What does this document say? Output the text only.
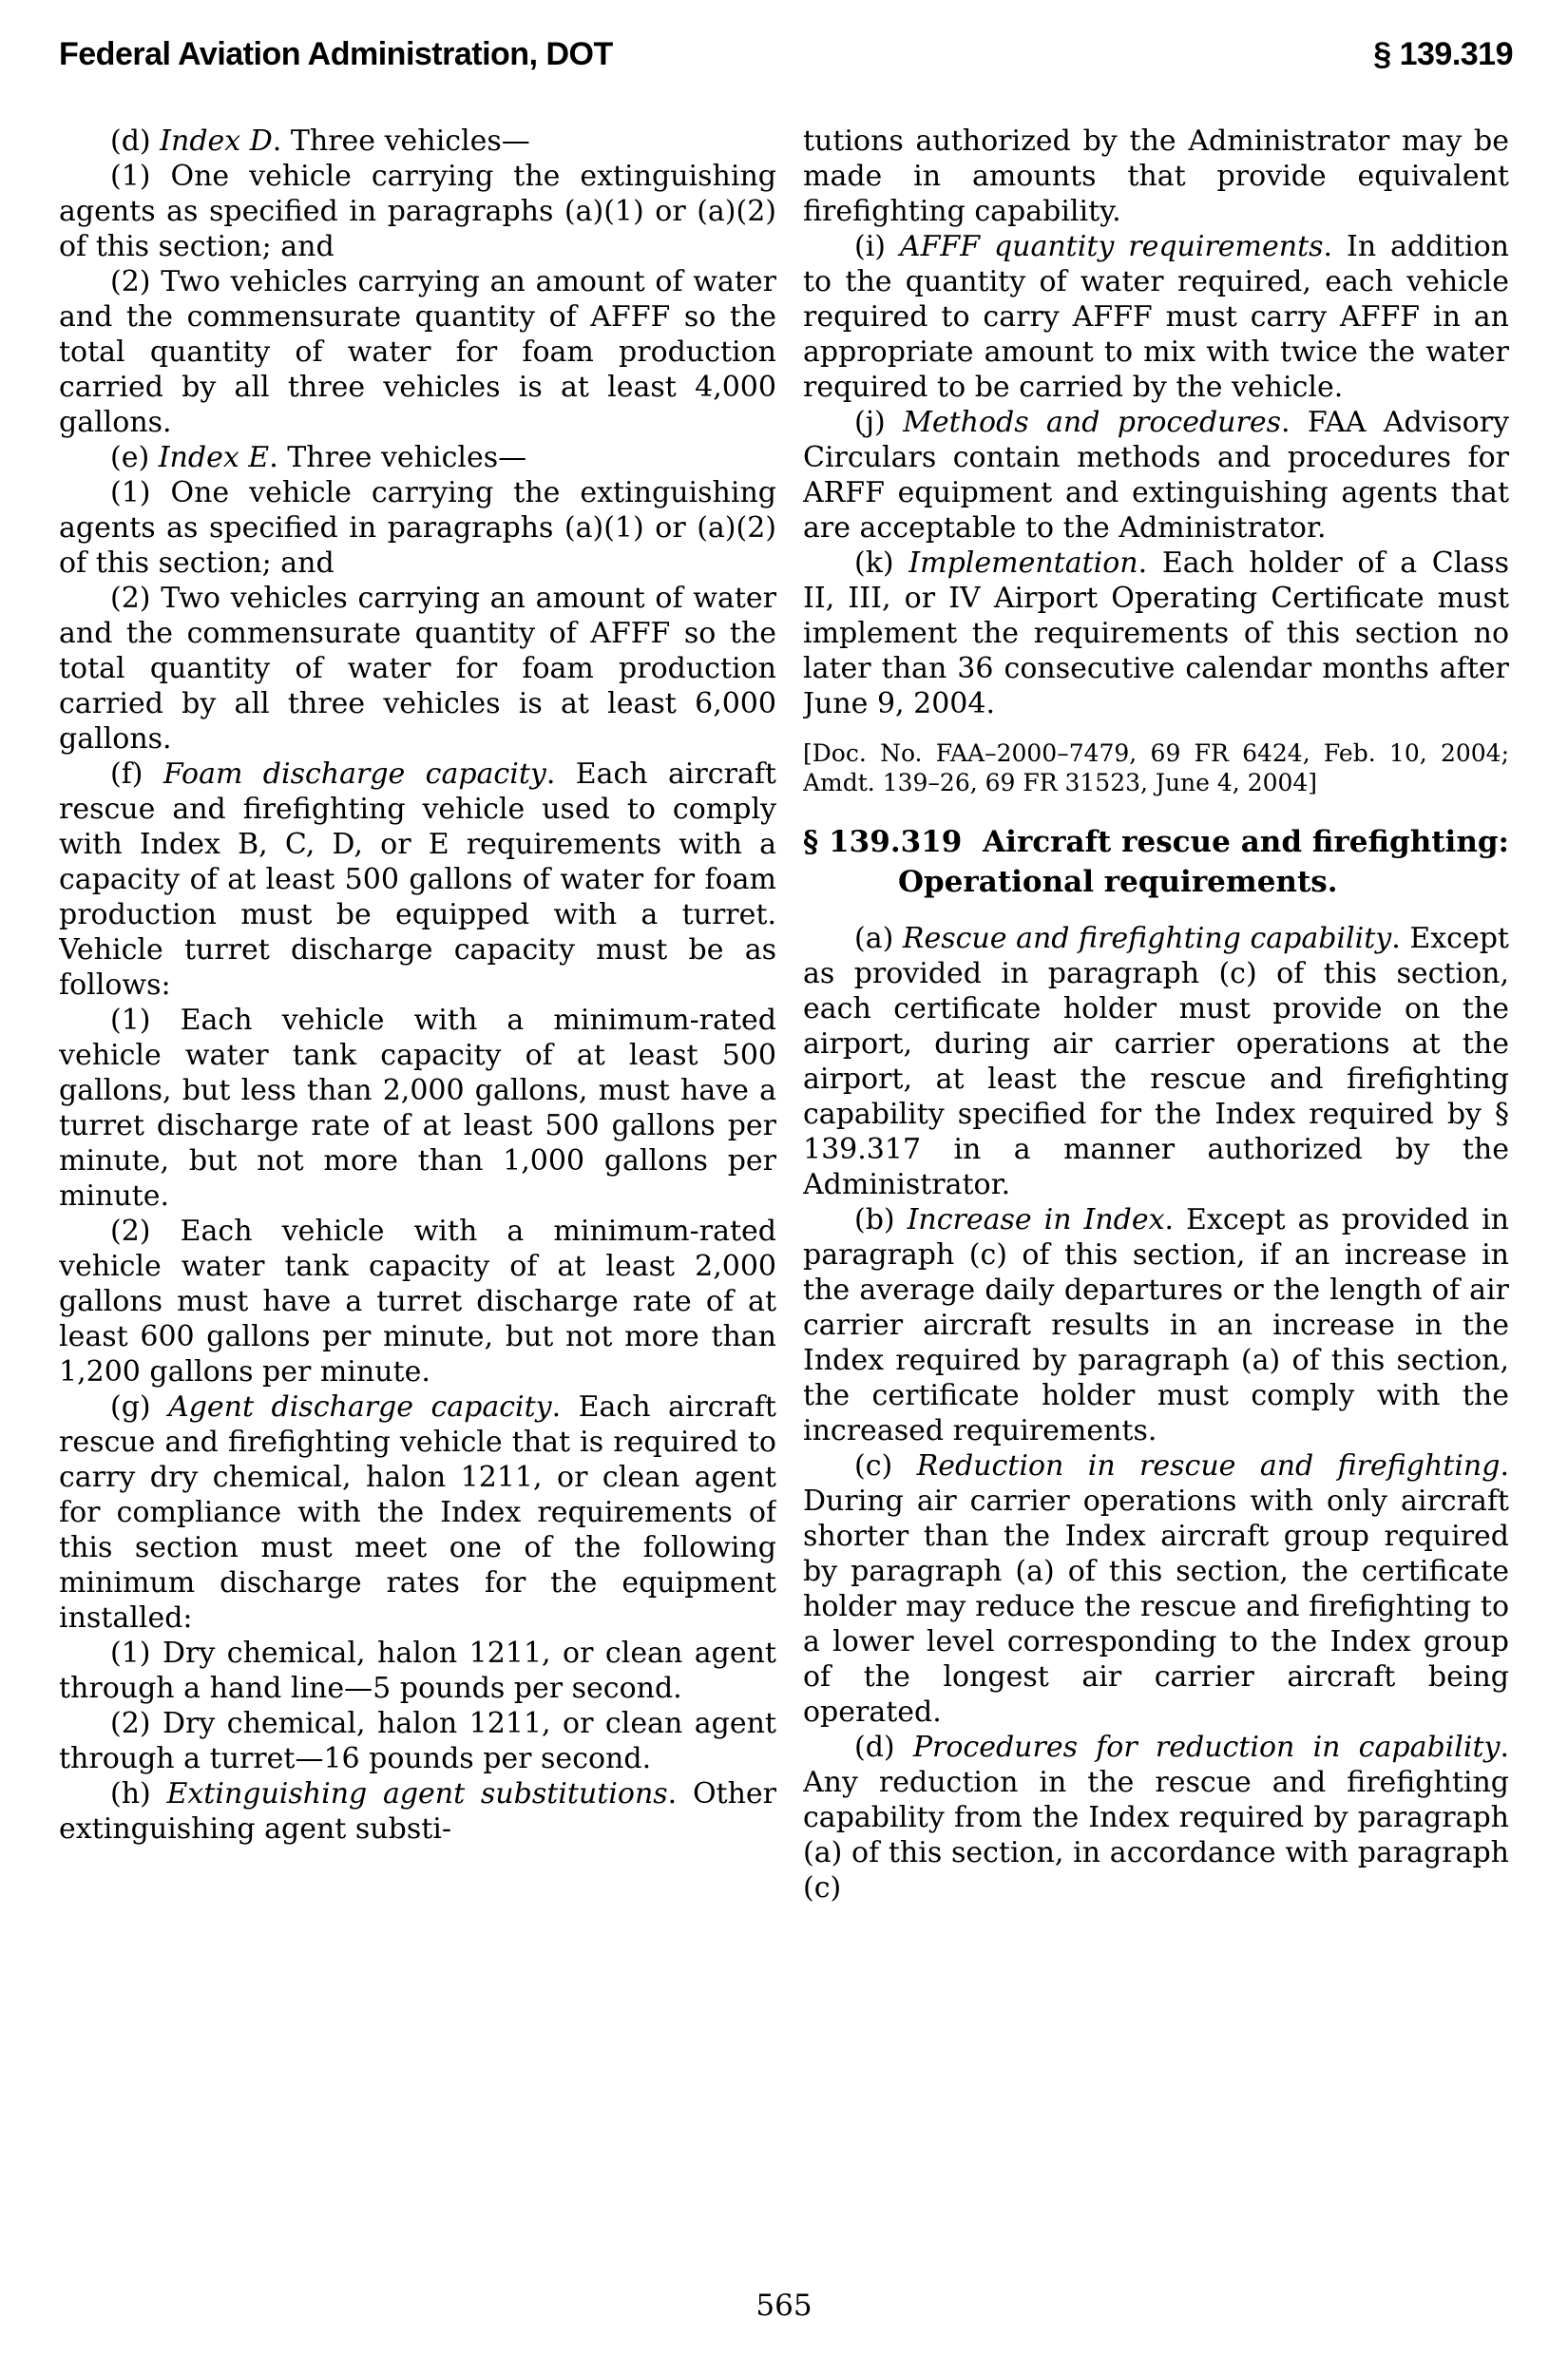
Federal Aviation Administration, DOT	§ 139.319

(d) Index D. Three vehicles—

(1) One vehicle carrying the extinguishing agents as specified in paragraphs (a)(1) or (a)(2) of this section; and

(2) Two vehicles carrying an amount of water and the commensurate quantity of AFFF so the total quantity of water for foam production carried by all three vehicles is at least 4,000 gallons.

(e) Index E. Three vehicles—

(1) One vehicle carrying the extinguishing agents as specified in paragraphs (a)(1) or (a)(2) of this section; and

(2) Two vehicles carrying an amount of water and the commensurate quantity of AFFF so the total quantity of water for foam production carried by all three vehicles is at least 6,000 gallons.

(f) Foam discharge capacity. Each aircraft rescue and firefighting vehicle used to comply with Index B, C, D, or E requirements with a capacity of at least 500 gallons of water for foam production must be equipped with a turret. Vehicle turret discharge capacity must be as follows:

(1) Each vehicle with a minimum-rated vehicle water tank capacity of at least 500 gallons, but less than 2,000 gallons, must have a turret discharge rate of at least 500 gallons per minute, but not more than 1,000 gallons per minute.

(2) Each vehicle with a minimum-rated vehicle water tank capacity of at least 2,000 gallons must have a turret discharge rate of at least 600 gallons per minute, but not more than 1,200 gallons per minute.

(g) Agent discharge capacity. Each aircraft rescue and firefighting vehicle that is required to carry dry chemical, halon 1211, or clean agent for compliance with the Index requirements of this section must meet one of the following minimum discharge rates for the equipment installed:

(1) Dry chemical, halon 1211, or clean agent through a hand line—5 pounds per second.

(2) Dry chemical, halon 1211, or clean agent through a turret—16 pounds per second.

(h) Extinguishing agent substitutions. Other extinguishing agent substi-

tutions authorized by the Administrator may be made in amounts that provide equivalent firefighting capability.

(i) AFFF quantity requirements. In addition to the quantity of water required, each vehicle required to carry AFFF must carry AFFF in an appropriate amount to mix with twice the water required to be carried by the vehicle.

(j) Methods and procedures. FAA Advisory Circulars contain methods and procedures for ARFF equipment and extinguishing agents that are acceptable to the Administrator.

(k) Implementation. Each holder of a Class II, III, or IV Airport Operating Certificate must implement the requirements of this section no later than 36 consecutive calendar months after June 9, 2004.

[Doc. No. FAA–2000–7479, 69 FR 6424, Feb. 10, 2004; Amdt. 139–26, 69 FR 31523, June 4, 2004]

§ 139.319  Aircraft rescue and firefighting: Operational requirements.

(a) Rescue and firefighting capability. Except as provided in paragraph (c) of this section, each certificate holder must provide on the airport, during air carrier operations at the airport, at least the rescue and firefighting capability specified for the Index required by § 139.317 in a manner authorized by the Administrator.

(b) Increase in Index. Except as provided in paragraph (c) of this section, if an increase in the average daily departures or the length of air carrier aircraft results in an increase in the Index required by paragraph (a) of this section, the certificate holder must comply with the increased requirements.

(c) Reduction in rescue and firefighting. During air carrier operations with only aircraft shorter than the Index aircraft group required by paragraph (a) of this section, the certificate holder may reduce the rescue and firefighting to a lower level corresponding to the Index group of the longest air carrier aircraft being operated.

(d) Procedures for reduction in capability. Any reduction in the rescue and firefighting capability from the Index required by paragraph (a) of this section, in accordance with paragraph (c)

565
